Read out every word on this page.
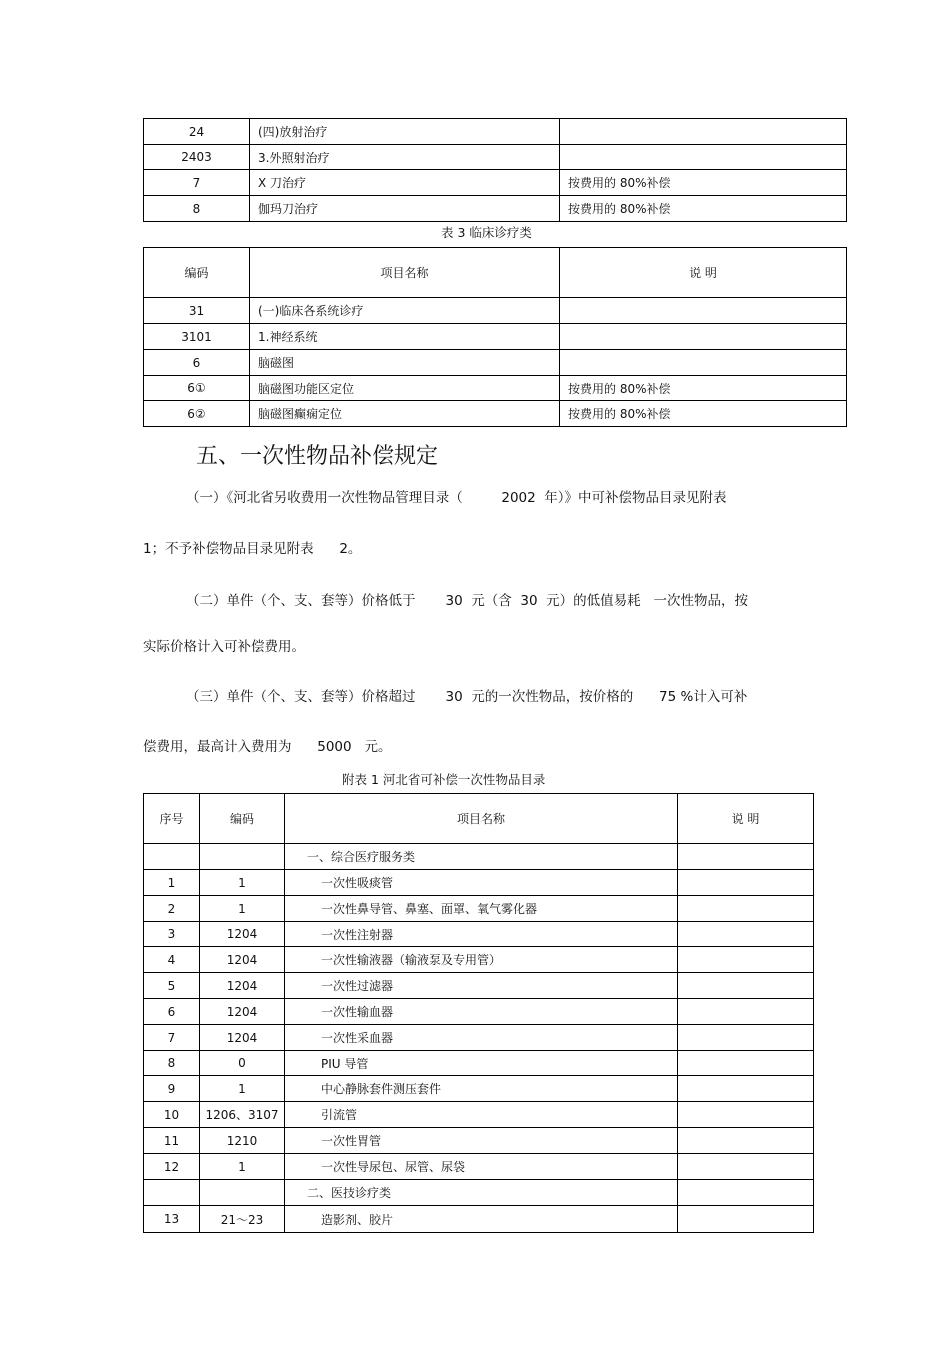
24	(四)放射治疗	
2403	3.外照射治疗	
7	X 刀治疗	按费用的 80%补偿
8	伽玛刀治疗	按费用的 80%补偿
表 3 临床诊疗类
编码	项目名称	说 明
31	(一)临床各系统诊疗	
3101	1.神经系统	
6	脑磁图	
6①	脑磁图功能区定位	按费用的 80%补偿
6②	脑磁图癫痫定位	按费用的 80%补偿
五、一次性物品补偿规定
（一）《河北省另收费用一次性物品管理目录（         2002  年）》中可补偿物品目录见附表
1；不予补偿物品目录见附表      2。
（二）单件（个、支、套等）价格低于       30  元（含  30  元）的低值易耗   一次性物品，按
实际价格计入可补偿费用。
（三）单件（个、支、套等）价格超过       30  元的一次性物品，按价格的      75 %计入可补
偿费用，最高计入费用为      5000   元。
附表 1 河北省可补偿一次性物品目录
序号	编码	项目名称	说 明
		一、综合医疗服务类	
1	1	一次性吸痰管	
2	1	一次性鼻导管、鼻塞、面罩、氧气雾化器	
3	1204	一次性注射器	
4	1204	一次性输液器（输液泵及专用管）	
5	1204	一次性过滤器	
6	1204	一次性输血器	
7	1204	一次性采血器	
8	0	PIU 导管	
9	1	中心静脉套件测压套件	
10	1206、3107	引流管	
11	1210	一次性胃管	
12	1	一次性导尿包、尿管、尿袋	
		二、医技诊疗类	
13	21～23	造影剂、胶片	
